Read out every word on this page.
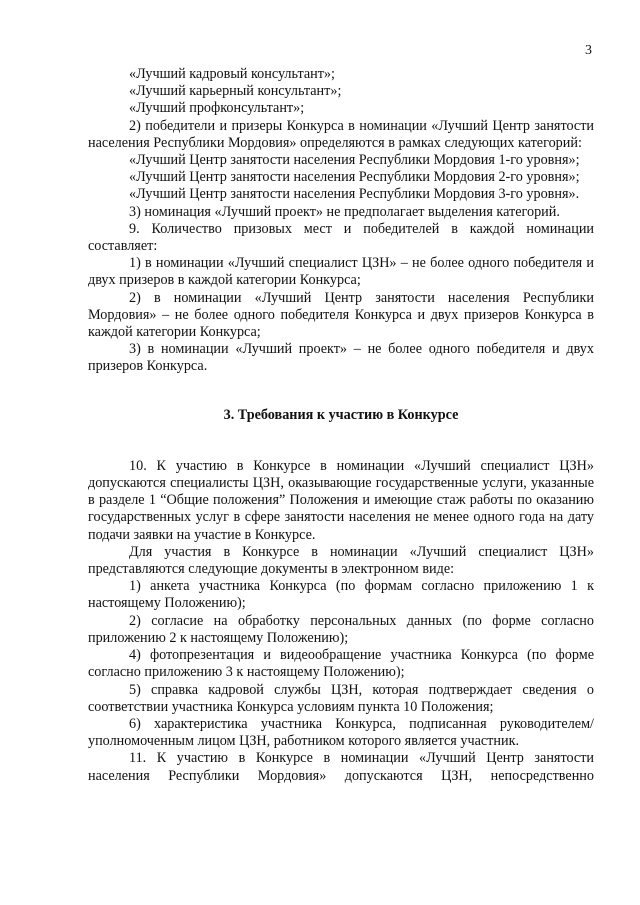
3

«Лучший кадровый консультант»;

«Лучший карьерный консультант»;

«Лучший профконсультант»;

2) победители и призеры Конкурса в номинации «Лучший Центр занятости населения Республики Мордовия» определяются в рамках следующих категорий:

«Лучший Центр занятости населения Республики Мордовия 1-го уровня»;

«Лучший Центр занятости населения Республики Мордовия 2-го уровня»;

«Лучший Центр занятости населения Республики Мордовия 3-го уровня».

3) номинация «Лучший проект» не предполагает выделения категорий.

9. Количество призовых мест и победителей в каждой номинации составляет:

1) в номинации «Лучший специалист ЦЗН» – не более одного победителя и двух призеров в каждой категории Конкурса;

2) в номинации «Лучший Центр занятости населения Республики Мордовия» – не более одного победителя Конкурса и двух призеров Конкурса в каждой категории Конкурса;

3) в номинации «Лучший проект» – не более одного победителя и двух призеров Конкурса.

3. Требования к участию в Конкурсе

10. К участию в Конкурсе в номинации «Лучший специалист ЦЗН» допускаются специалисты ЦЗН, оказывающие государственные услуги, указанные в разделе 1 “Общие положения” Положения и имеющие стаж работы по оказанию государственных услуг в сфере занятости населения не менее одного года на дату подачи заявки на участие в Конкурсе.

Для участия в Конкурсе в номинации «Лучший специалист ЦЗН» представляются следующие документы в электронном виде:

1) анкета участника Конкурса (по формам согласно приложению 1 к настоящему Положению);

2) согласие на обработку персональных данных (по форме согласно приложению 2 к настоящему Положению);

4) фотопрезентация и видеообращение участника Конкурса (по форме согласно приложению 3 к настоящему Положению);

5) справка кадровой службы ЦЗН, которая подтверждает сведения о соответствии участника Конкурса условиям пункта 10 Положения;

6) характеристика участника Конкурса, подписанная руководителем/ уполномоченным лицом ЦЗН, работником которого является участник.

11. К участию в Конкурсе в номинации «Лучший Центр занятости населения Республики Мордовия» допускаются ЦЗН, непосредственно
